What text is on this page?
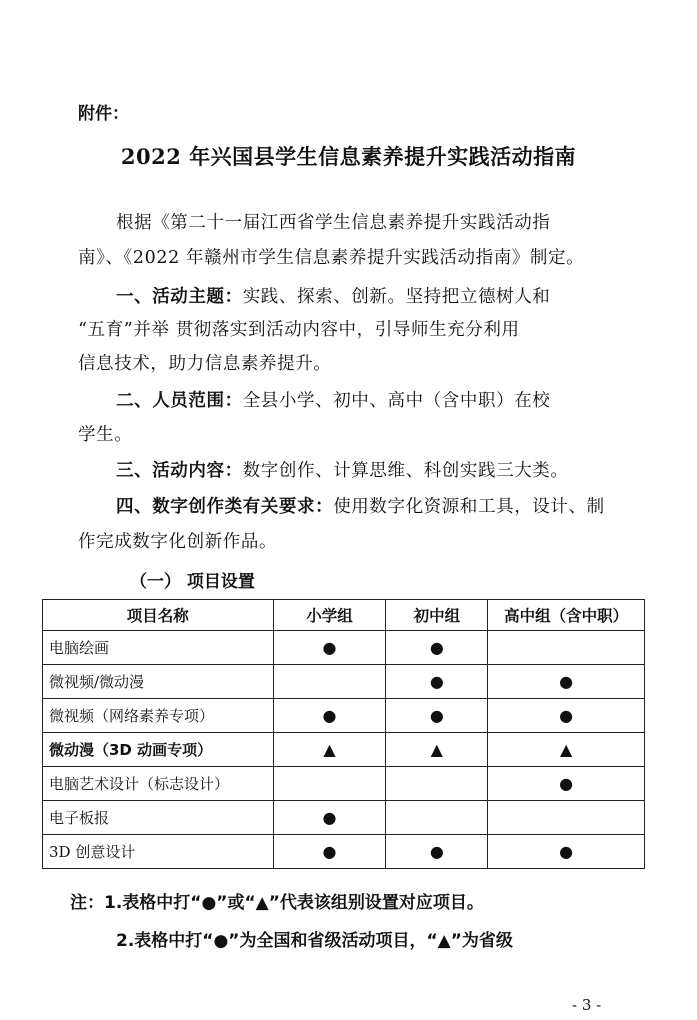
附件：
2022 年兴国县学生信息素养提升实践活动指南
根据《第二十一届江西省学生信息素养提升实践活动指
南》、《2022 年赣州市学生信息素养提升实践活动指南》制定。
一、活动主题：实践、探索、创新。坚持把立德树人和
“五育”并举 贯彻落实到活动内容中，引导师生充分利用
信息技术，助力信息素养提升。
二、人员范围：全县小学、初中、高中（含中职）在校
学生。
三、活动内容：数字创作、计算思维、科创实践三大类。
四、数字创作类有关要求：使用数字化资源和工具，设计、制
作完成数字化创新作品。
（一） 项目设置
项目名称	小学组	初中组	高中组（含中职）
电脑绘画	●	●	
微视频/微动漫		●	●
微视频（网络素养专项）	●	●	●
微动漫（3D 动画专项）	▲	▲	▲
电脑艺术设计（标志设计）			●
电子板报	●		
3D 创意设计	●	●	●
注：1.表格中打“●”或“▲”代表该组别设置对应项目。
2.表格中打“●”为全国和省级活动项目，“▲”为省级
- 3 -
